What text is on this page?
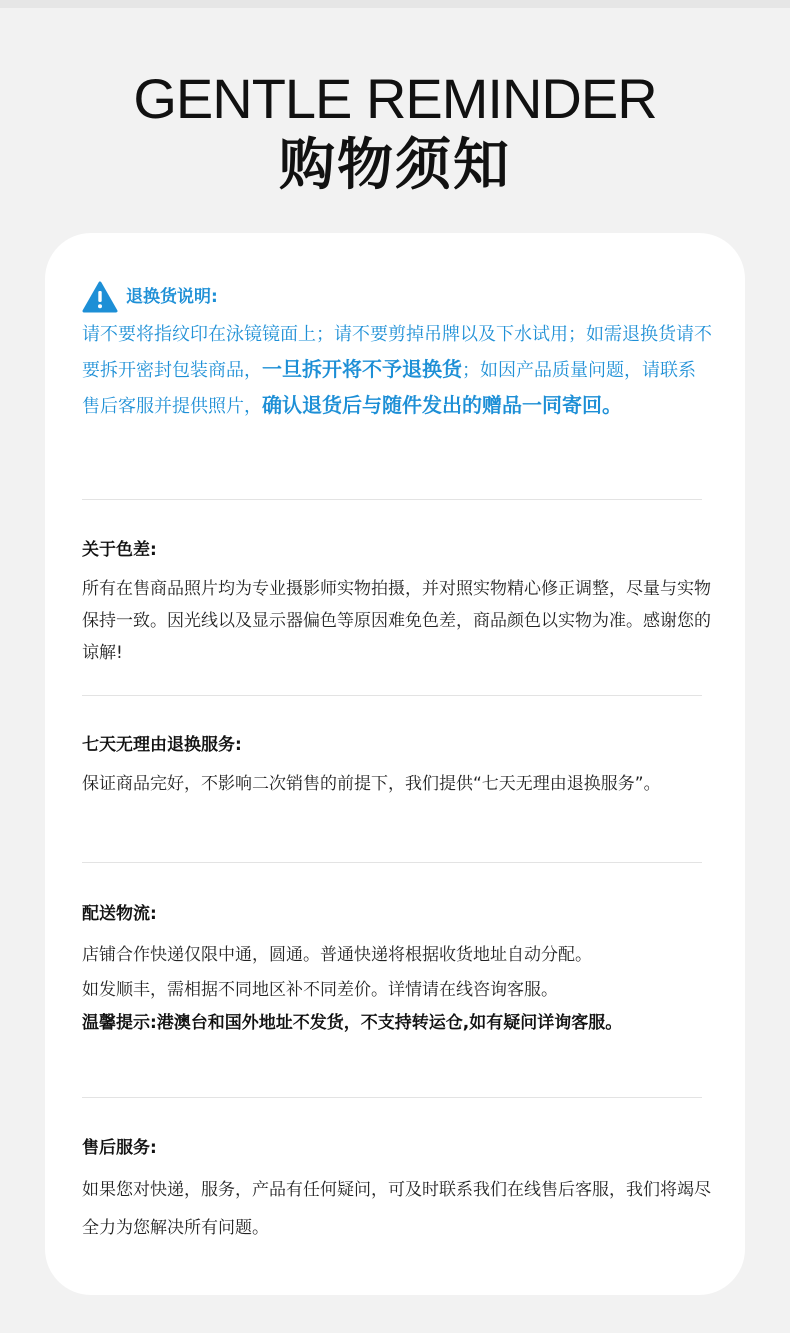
GENTLE REMINDER
购物须知
退换货说明:
请不要将指纹印在泳镜镜面上；请不要剪掉吊牌以及下水试用；如需退换货请不要拆开密封包装商品，一旦拆开将不予退换货；如因产品质量问题，请联系售后客服并提供照片，确认退货后与随件发出的赠品一同寄回。
关于色差:
所有在售商品照片均为专业摄影师实物拍摄，并对照实物精心修正调整，尽量与实物保持一致。因光线以及显示器偏色等原因难免色差，商品颜色以实物为准。感谢您的谅解!
七天无理由退换服务:
保证商品完好，不影响二次销售的前提下，我们提供“七天无理由退换服务”。
配送物流:
店铺合作快递仅限中通，圆通。普通快递将根据收货地址自动分配。
如发顺丰，需相据不同地区补不同差价。详情请在线咨询客服。
温馨提示:港澳台和国外地址不发货，不支持转运仓,如有疑问详询客服。
售后服务:
如果您对快递，服务，产品有任何疑问，可及时联系我们在线售后客服，我们将竭尽全力为您解决所有问题。
